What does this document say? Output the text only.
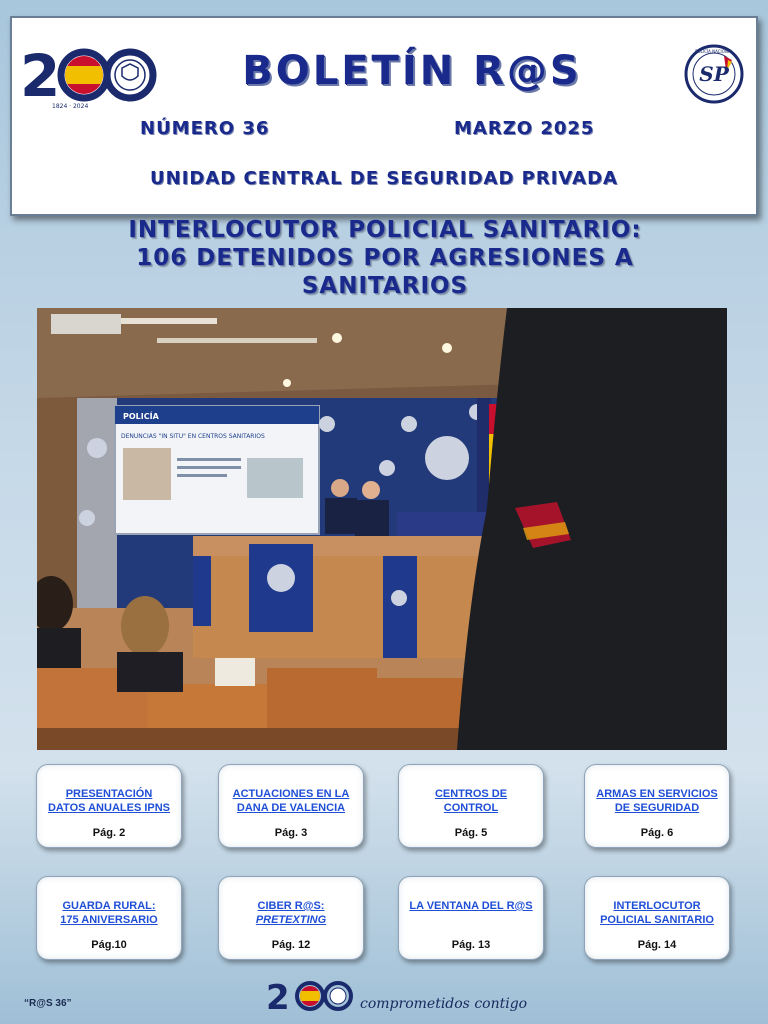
2
1824 · 2024
BOLETÍN R@S
NÚMERO 36	MARZO 2025
UNIDAD CENTRAL DE SEGURIDAD PRIVADA
SP
POLICÍA NACIONAL
INTERLOCUTOR POLICIAL SANITARIO:
106 DETENIDOS POR AGRESIONES A
SANITARIOS
POLICÍA
DENUNCIAS "IN SITU" EN CENTROS SANITARIOS
PRESENTACIÓN
DATOS ANUALES IPNS
Pág. 2
ACTUACIONES EN LA
DANA DE VALENCIA
Pág. 3
CENTROS DE
CONTROL
Pág. 5
ARMAS EN SERVICIOS
DE SEGURIDAD
Pág. 6
GUARDA RURAL:
175 ANIVERSARIO
Pág.10
CIBER R@S:
PRETEXTING
Pág. 12
LA VENTANA DEL R@S
Pág. 13
INTERLOCUTOR
POLICIAL SANITARIO
Pág. 14
“R@S 36”	2	comprometidos contigo
